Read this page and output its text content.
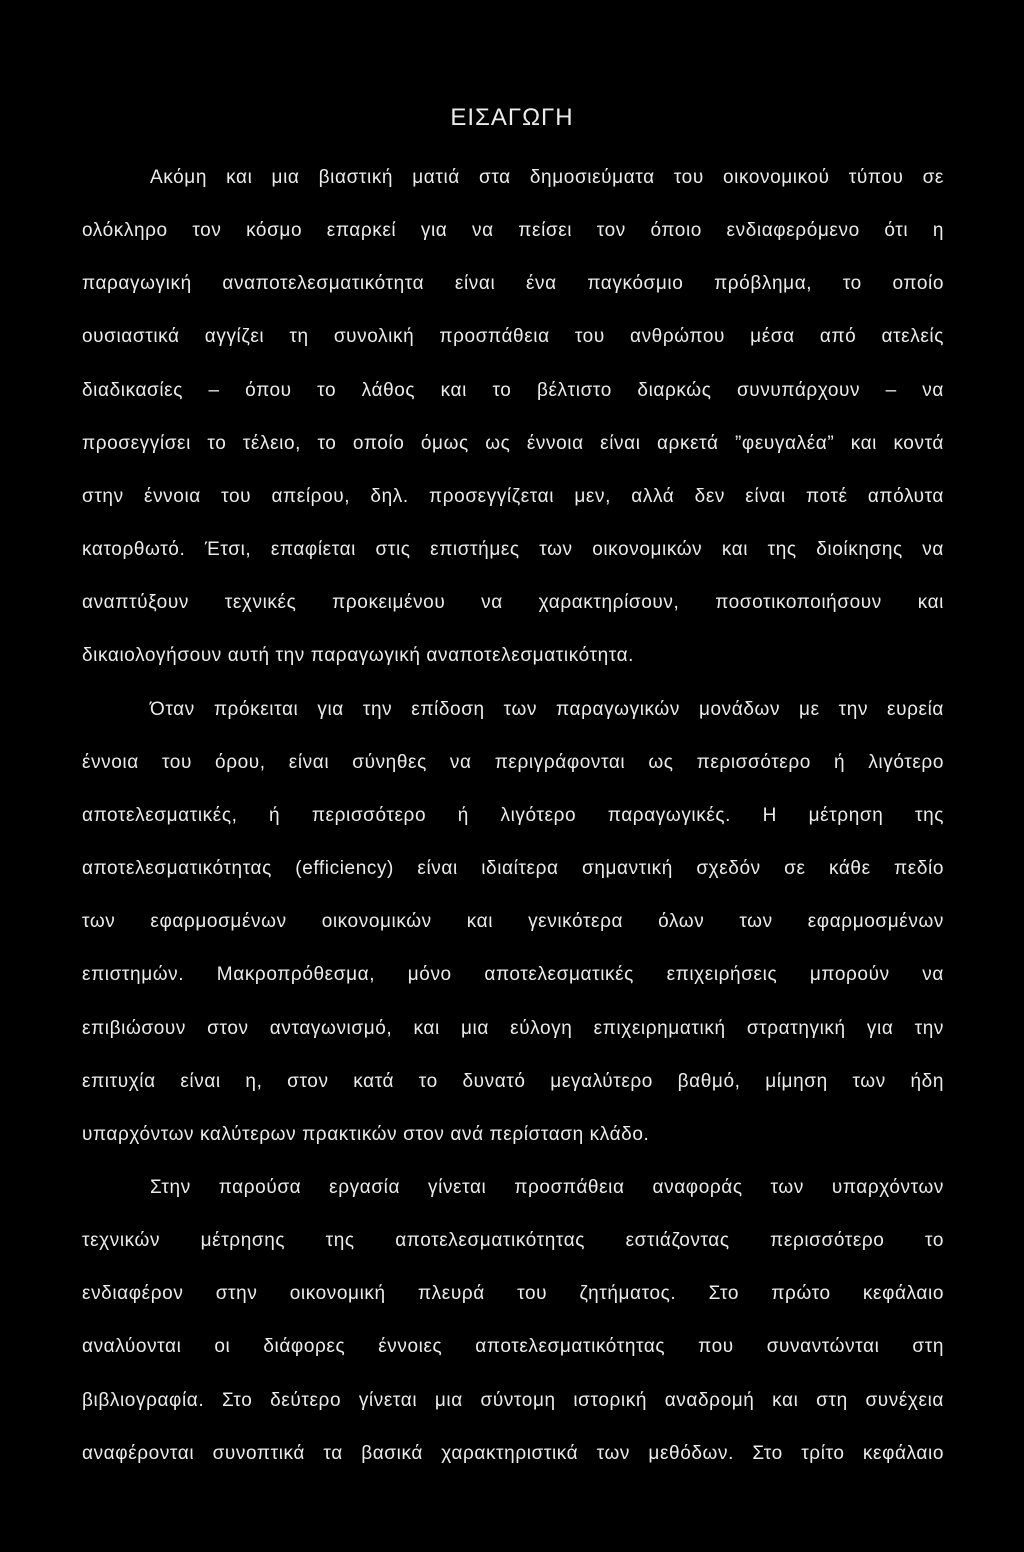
ΕΙΣΑΓΩΓΗ
Ακόμη και μια βιαστική ματιά στα δημοσιεύματα του οικονομικού τύπου σε
ολόκληρο τον κόσμο επαρκεί για να πείσει τον όποιο ενδιαφερόμενο ότι η
παραγωγική αναποτελεσματικότητα είναι ένα παγκόσμιο πρόβλημα, το οποίο
ουσιαστικά αγγίζει τη συνολική προσπάθεια του ανθρώπου μέσα από ατελείς
διαδικασίες – όπου το λάθος και το βέλτιστο διαρκώς συνυπάρχουν – να
προσεγγίσει το τέλειο, το οποίο όμως ως έννοια είναι αρκετά ”φευγαλέα” και κοντά
στην έννοια του απείρου, δηλ. προσεγγίζεται μεν, αλλά δεν είναι ποτέ απόλυτα
κατορθωτό. Έτσι, επαφίεται στις επιστήμες των οικονομικών και της διοίκησης να
αναπτύξουν τεχνικές προκειμένου να χαρακτηρίσουν, ποσοτικοποιήσουν και
δικαιολογήσουν αυτή την παραγωγική αναποτελεσματικότητα.
Όταν πρόκειται για την επίδοση των παραγωγικών μονάδων με την ευρεία
έννοια του όρου, είναι σύνηθες να περιγράφονται ως περισσότερο ή λιγότερο
αποτελεσματικές, ή περισσότερο ή λιγότερο παραγωγικές. Η μέτρηση της
αποτελεσματικότητας (efficiency) είναι ιδιαίτερα σημαντική σχεδόν σε κάθε πεδίο
των εφαρμοσμένων οικονομικών και γενικότερα όλων των εφαρμοσμένων
επιστημών. Μακροπρόθεσμα, μόνο αποτελεσματικές επιχειρήσεις μπορούν να
επιβιώσουν στον ανταγωνισμό, και μια εύλογη επιχειρηματική στρατηγική για την
επιτυχία είναι η, στον κατά το δυνατό μεγαλύτερο βαθμό, μίμηση των ήδη
υπαρχόντων καλύτερων πρακτικών στον ανά περίσταση κλάδο.
Στην παρούσα εργασία γίνεται προσπάθεια αναφοράς των υπαρχόντων
τεχνικών μέτρησης της αποτελεσματικότητας εστιάζοντας περισσότερο το
ενδιαφέρον στην οικονομική πλευρά του ζητήματος. Στο πρώτο κεφάλαιο
αναλύονται οι διάφορες έννοιες αποτελεσματικότητας που συναντώνται στη
βιβλιογραφία. Στο δεύτερο γίνεται μια σύντομη ιστορική αναδρομή και στη συνέχεια
αναφέρονται συνοπτικά τα βασικά χαρακτηριστικά των μεθόδων. Στο τρίτο κεφάλαιο
